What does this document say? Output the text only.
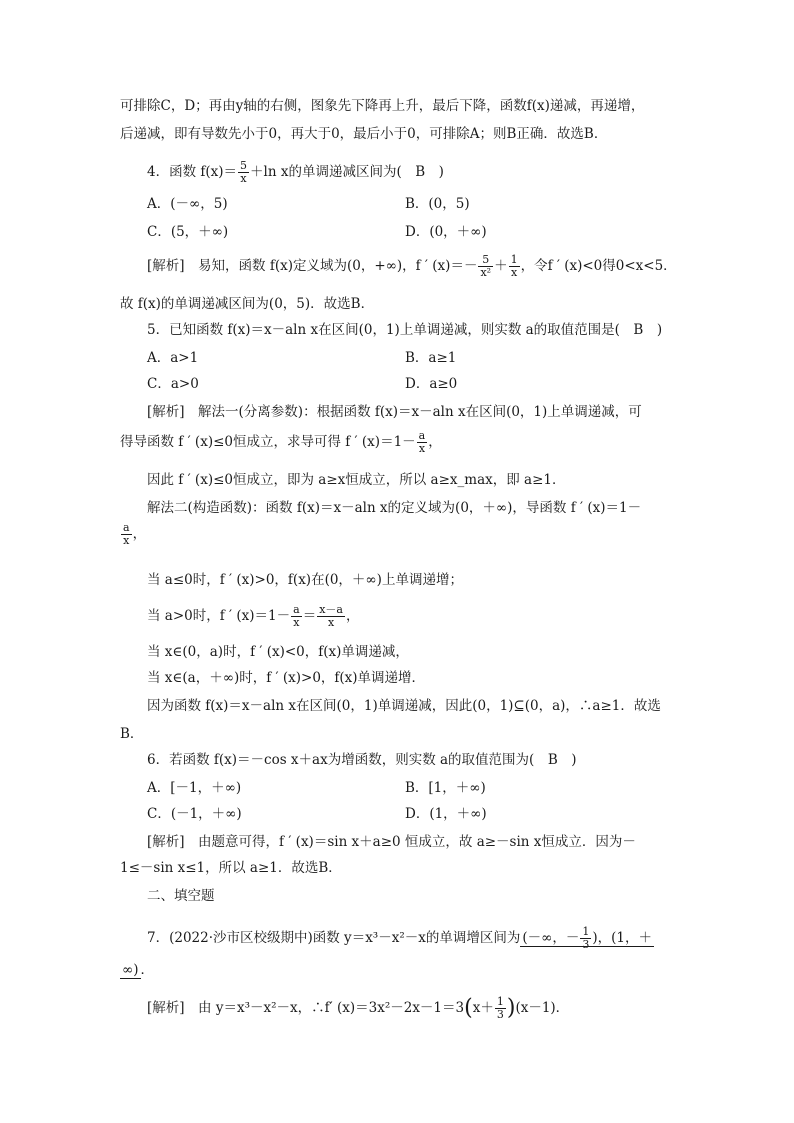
可排除C，D；再由y轴的右侧，图象先下降再上升，最后下降，函数f(x)递减，再递增，
后递减，即有导数先小于0，再大于0，最后小于0，可排除A；则B正确．故选B．
4．函数 $f(x)= \frac{5}{x} +\ln$ x的单调递减区间为(　B　)
A．(－∞，5)	B．(0，5)
C．(5，＋∞)	D．(0，＋∞)
[解析]　易知，函数 f(x)定义域为(0，+∞)，f ′ $(x)=- \frac{5}{\text{x²}} + \frac{1}{x}$ ，令f ′ (x)<0得0<x<5．
故 f(x)的单调递减区间为(0，5)．故选B．
5．已知函数 f(x)＝x－aln x在区间(0，1)上单调递减，则实数 a的取值范围是(　B　)
A．a>1	B．a≥1
C．a>0	D．a≥0
[解析]　解法一(分离参数)：根据函数 f(x)＝x－aln x在区间(0，1)上单调递减，可
得导函数 f ′ (x)≤0恒成立，求导可得 f ′ $(x)=1- \frac{a}{x}$ ，
因此 f ′ (x)≤0恒成立，即为 a≥x恒成立，所以 a≥x_max，即 a≥1．
解法二(构造函数)：函数 f(x)＝x－aln x的定义域为(0，＋∞)，导函数 f ′ (x)＝1－
$\frac{a}{x}$ ，
当 a≤0时，f ′ (x)>0，f(x)在(0，＋∞)上单调递增；
当 a>0时，f ′ $(x)=1- \frac{a}{x} = \frac{x-a}{x}$ ，
当 x∈(0，a)时，f ′ (x)<0，f(x)单调递减，
当 x∈(a，＋∞)时，f ′ (x)>0，f(x)单调递增．
因为函数 f(x)＝x－aln x在区间(0，1)单调递减，因此(0，1)⊆(0，a)，∴a≥1．故选
B．
6．若函数 f(x)＝－cos x＋ax为增函数，则实数 a的取值范围为(　B　)
A．[－1，＋∞)	B．[1，＋∞)
C．(－1，＋∞)	D．(1，＋∞)
[解析]　由题意可得，f ′ (x)＝sin x＋a≥0 恒成立，故 a≥－sin x恒成立．因为－
1≤－sin x≤1，所以 a≥1．故选B．
二、填空题
7．(2022·沙市区校级期中)函数 y＝x³－x²－x的单调增区间为 (－∞，－ $\frac{1}{3}$ )，(1，＋
∞) ．
[解析]　由 y＝x³－x²－x，∴f′ $(x)=3x^2-2x-1=3(x+ \frac{1}{3} )(x-1)$．
